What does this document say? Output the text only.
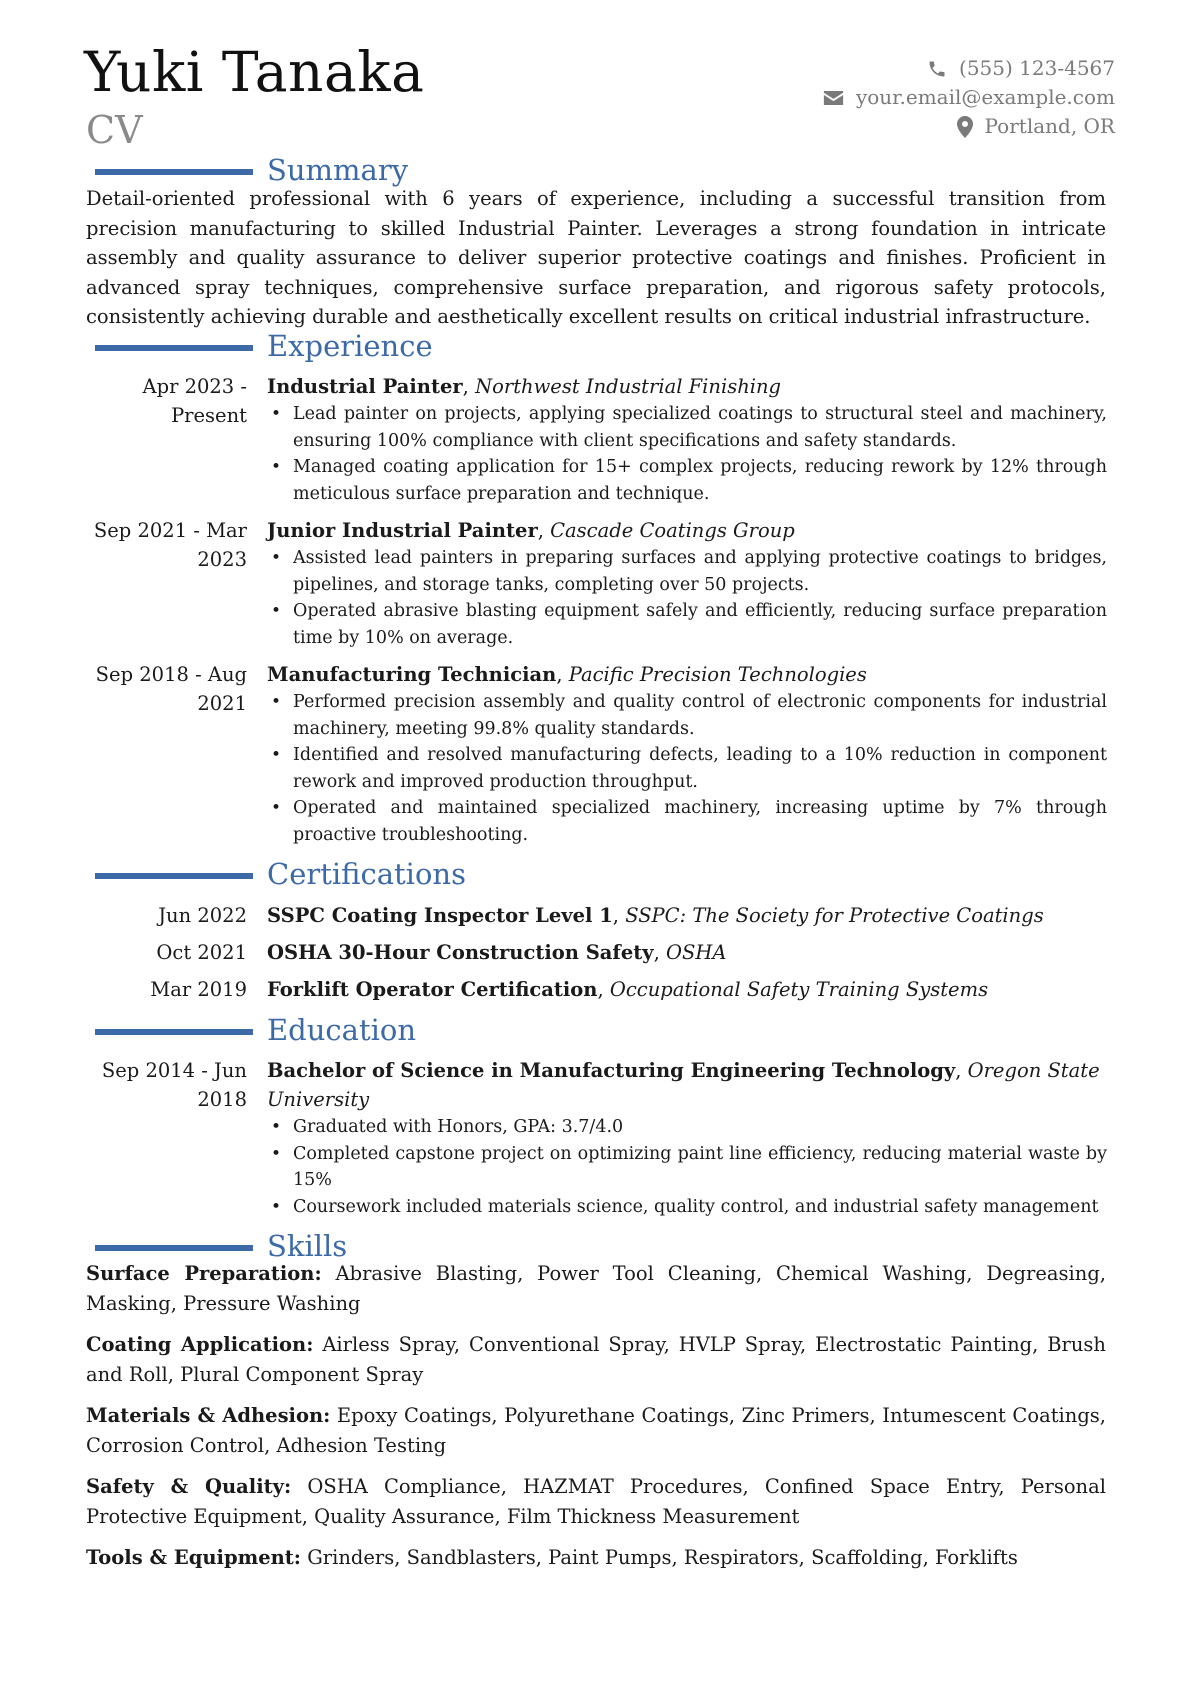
Yuki Tanaka
CV
(555) 123-4567
your.email@example.com
Portland, OR
Summary
Detail-oriented professional with 6 years of experience, including a successful transition from precision manufacturing to skilled Industrial Painter. Leverages a strong foundation in intricate assembly and quality assurance to deliver superior protective coatings and finishes. Proficient in advanced spray techniques, comprehensive surface preparation, and rigorous safety protocols, consistently achieving durable and aesthetically excellent results on critical industrial infrastructure.
Experience
Apr 2023 - Present
Industrial Painter, Northwest Industrial Finishing
• Lead painter on projects, applying specialized coatings to structural steel and machinery, ensuring 100% compliance with client specifications and safety standards.
• Managed coating application for 15+ complex projects, reducing rework by 12% through meticulous surface preparation and technique.
Sep 2021 - Mar 2023
Junior Industrial Painter, Cascade Coatings Group
• Assisted lead painters in preparing surfaces and applying protective coatings to bridges, pipelines, and storage tanks, completing over 50 projects.
• Operated abrasive blasting equipment safely and efficiently, reducing surface preparation time by 10% on average.
Sep 2018 - Aug 2021
Manufacturing Technician, Pacific Precision Technologies
• Performed precision assembly and quality control of electronic components for industrial machinery, meeting 99.8% quality standards.
• Identified and resolved manufacturing defects, leading to a 10% reduction in component rework and improved production throughput.
• Operated and maintained specialized machinery, increasing uptime by 7% through proactive troubleshooting.
Certifications
Jun 2022 SSPC Coating Inspector Level 1, SSPC: The Society for Protective Coatings
Oct 2021 OSHA 30-Hour Construction Safety, OSHA
Mar 2019 Forklift Operator Certification, Occupational Safety Training Systems
Education
Sep 2014 - Jun 2018
Bachelor of Science in Manufacturing Engineering Technology, Oregon State University
• Graduated with Honors, GPA: 3.7/4.0
• Completed capstone project on optimizing paint line efficiency, reducing material waste by 15%
• Coursework included materials science, quality control, and industrial safety management
Skills
Surface Preparation: Abrasive Blasting, Power Tool Cleaning, Chemical Washing, Degreasing, Masking, Pressure Washing
Coating Application: Airless Spray, Conventional Spray, HVLP Spray, Electrostatic Painting, Brush and Roll, Plural Component Spray
Materials & Adhesion: Epoxy Coatings, Polyurethane Coatings, Zinc Primers, Intumescent Coatings, Corrosion Control, Adhesion Testing
Safety & Quality: OSHA Compliance, HAZMAT Procedures, Confined Space Entry, Personal Protective Equipment, Quality Assurance, Film Thickness Measurement
Tools & Equipment: Grinders, Sandblasters, Paint Pumps, Respirators, Scaffolding, Forklifts
